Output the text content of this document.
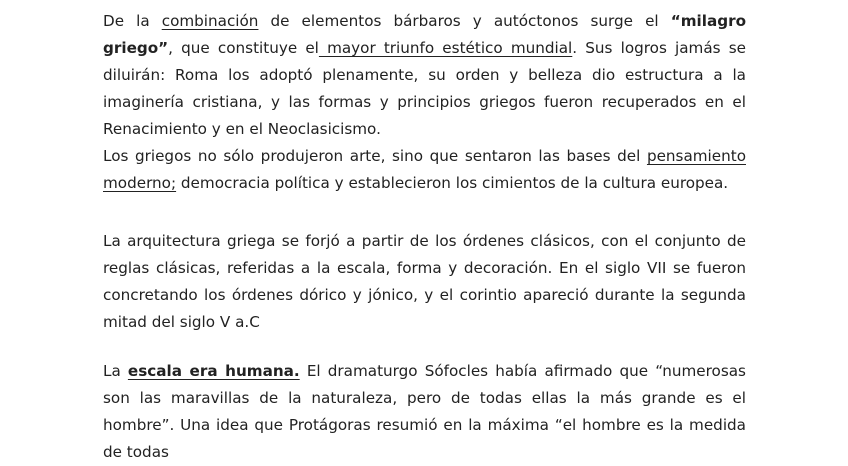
De la combinación de elementos bárbaros y autóctonos surge el “milagro griego”, que constituye el mayor triunfo estético mundial. Sus logros jamás se diluirán: Roma los adoptó plenamente, su orden y belleza dio estructura a la imaginería cristiana, y las formas y principios griegos fueron recuperados en el Renacimiento y en el Neoclasicismo.

Los griegos no sólo produjeron arte, sino que sentaron las bases del pensamiento moderno; democracia política y establecieron los cimientos de la cultura europea.

La arquitectura griega se forjó a partir de los órdenes clásicos, con el conjunto de reglas clásicas, referidas a la escala, forma y decoración. En el siglo VII se fueron concretando los órdenes dórico y jónico, y el corintio apareció durante la segunda mitad del siglo V a.C

La escala era humana. El dramaturgo Sófocles había afirmado que “numerosas son las maravillas de la naturaleza, pero de todas ellas la más grande es el hombre”. Una idea que Protágoras resumió en la máxima “el hombre es la medida de todas
